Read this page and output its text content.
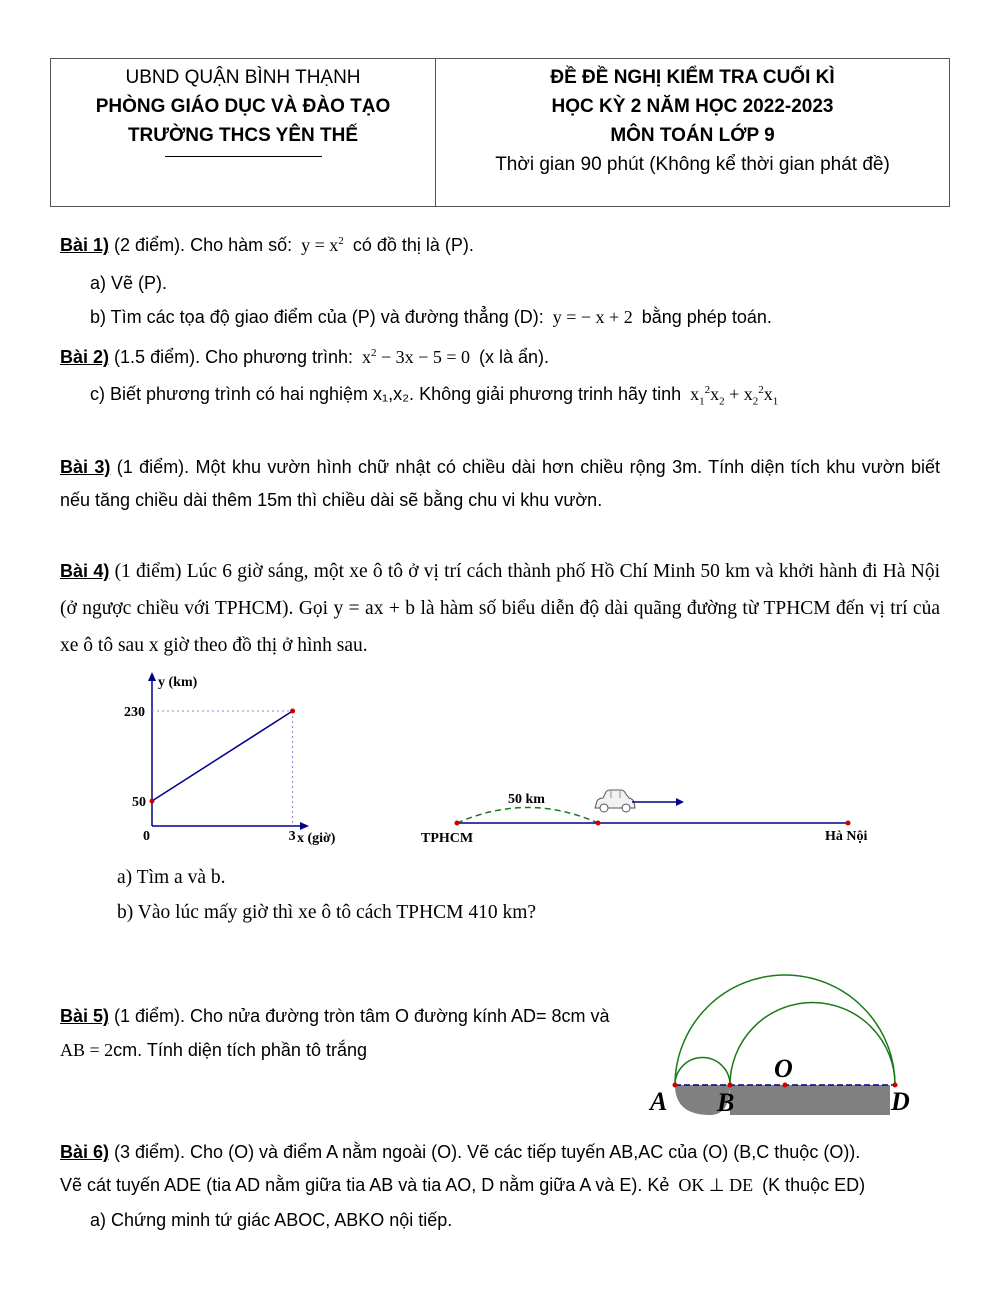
UBND QUẬN BÌNH THẠNH
PHÒNG GIÁO DỤC VÀ ĐÀO TẠO
TRƯỜNG THCS YÊN THẾ
ĐỀ ĐỀ NGHỊ KIỂM TRA CUỐI KÌ
HỌC KỲ 2 NĂM HỌC 2022-2023
MÔN TOÁN LỚP 9
Thời gian 90 phút (Không kể thời gian phát đề)
Bài 1) (2 điểm). Cho hàm số: $y = x^2$ có đồ thị là (P).
a) Vẽ (P).
b) Tìm các tọa độ giao điểm của (P) và đường thẳng (D): y = − x + 2 bằng phép toán.
Bài 2) (1.5 điểm). Cho phương trình: $x^2 - 3x - 5 = 0$ (x là ẩn).
c) Biết phương trình có hai nghiệm x₁,x₂. Không giải phương trinh hãy tinh $x_1^2x_2 + x_2^2x_1$
Bài 3) (1 điểm). Một khu vườn hình chữ nhật có chiều dài hơn chiều rộng 3m. Tính diện tích khu vườn biết nếu tăng chiều dài thêm 15m thì chiều dài sẽ bằng chu vi khu vườn.
Bài 4) (1 điểm) Lúc 6 giờ sáng, một xe ô tô ở vị trí cách thành phố Hồ Chí Minh 50 km và khởi hành đi Hà Nội (ở ngược chiều với TPHCM). Gọi y = ax + b là hàm số biểu diễn độ dài quãng đường từ TPHCM đến vị trí của xe ô tô sau x giờ theo đồ thị ở hình sau.
y (km)
x (giờ)
0
230
50
3
50 km
TPHCM	Hà Nội
a) Tìm a và b.
b) Vào lúc mấy giờ thì xe ô tô cách TPHCM 410 km?
Bài 5) (1 điểm). Cho nửa đường tròn tâm O đường kính AD= 8cm và
AB = 2cm. Tính diện tích phần tô trắng
A B
O
D
Bài 6) (3 điểm). Cho (O) và điểm A nằm ngoài (O). Vẽ các tiếp tuyến AB,AC của (O) (B,C thuộc (O)).
Vẽ cát tuyến ADE (tia AD nằm giữa tia AB và tia AO, D nằm giữa A và E). Kẻ OK ⊥ DE (K thuộc ED)
a) Chứng minh tứ giác ABOC, ABKO nội tiếp.
